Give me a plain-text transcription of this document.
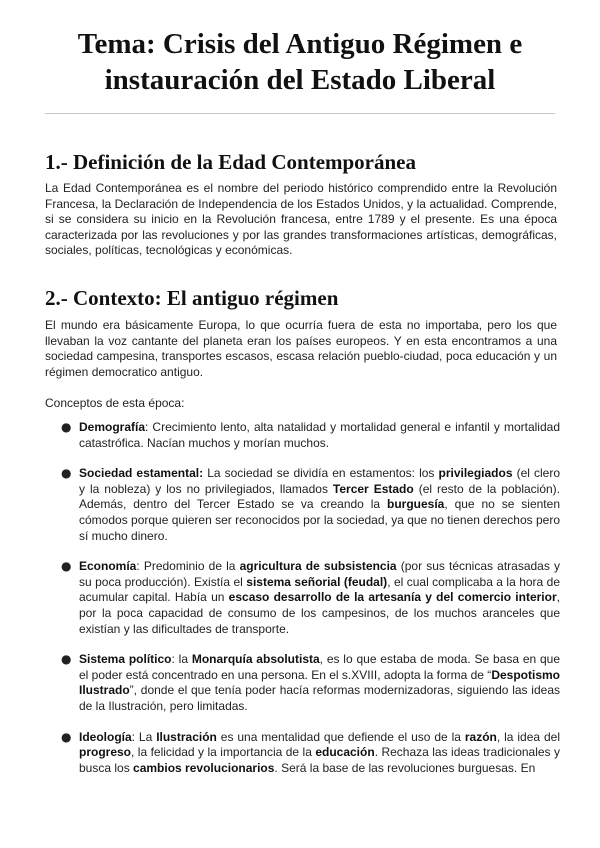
Tema: Crisis del Antiguo Régimen e instauración del Estado Liberal
1.- Definición de la Edad Contemporánea

La Edad Contemporánea es el nombre del periodo histórico comprendido entre la Revolución Francesa, la Declaración de Independencia de los Estados Unidos, y la actualidad. Comprende, si se considera su inicio en la Revolución francesa, entre 1789 y el presente. Es una época caracterizada por las revoluciones y por las grandes transformaciones artísticas, demográficas, sociales, políticas, tecnológicas y económicas.

2.- Contexto: El antiguo régimen

El mundo era básicamente Europa, lo que ocurría fuera de esta no importaba, pero los que llevaban la voz cantante del planeta eran los países europeos. Y en esta encontramos a una sociedad campesina, transportes escasos, escasa relación pueblo-ciudad, poca educación y un régimen democratico antiguo.

Conceptos de esta época:

● Demografía: Crecimiento lento, alta natalidad y mortalidad general e infantil y mortalidad catastrófica. Nacían muchos y morían muchos.
● Sociedad estamental: La sociedad se dividía en estamentos: los privilegiados (el clero y la nobleza) y los no privilegiados, llamados Tercer Estado (el resto de la población). Además, dentro del Tercer Estado se va creando la burguesía, que no se sienten cómodos porque quieren ser reconocidos por la sociedad, ya que no tienen derechos pero sí mucho dinero.
● Economía: Predominio de la agricultura de subsistencia (por sus técnicas atrasadas y su poca producción). Existía el sistema señorial (feudal), el cual complicaba a la hora de acumular capital. Había un escaso desarrollo de la artesanía y del comercio interior, por la poca capacidad de consumo de los campesinos, de los muchos aranceles que existían y las dificultades de transporte.
● Sistema político: la Monarquía absolutista, es lo que estaba de moda. Se basa en que el poder está concentrado en una persona. En el s.XVIII, adopta la forma de “Despotismo Ilustrado”, donde el que tenía poder hacía reformas modernizadoras, siguiendo las ideas de la Ilustración, pero limitadas.
● Ideología: La Ilustración es una mentalidad que defiende el uso de la razón, la idea del progreso, la felicidad y la importancia de la educación. Rechaza las ideas tradicionales y busca los cambios revolucionarios. Será la base de las revoluciones burguesas. En
